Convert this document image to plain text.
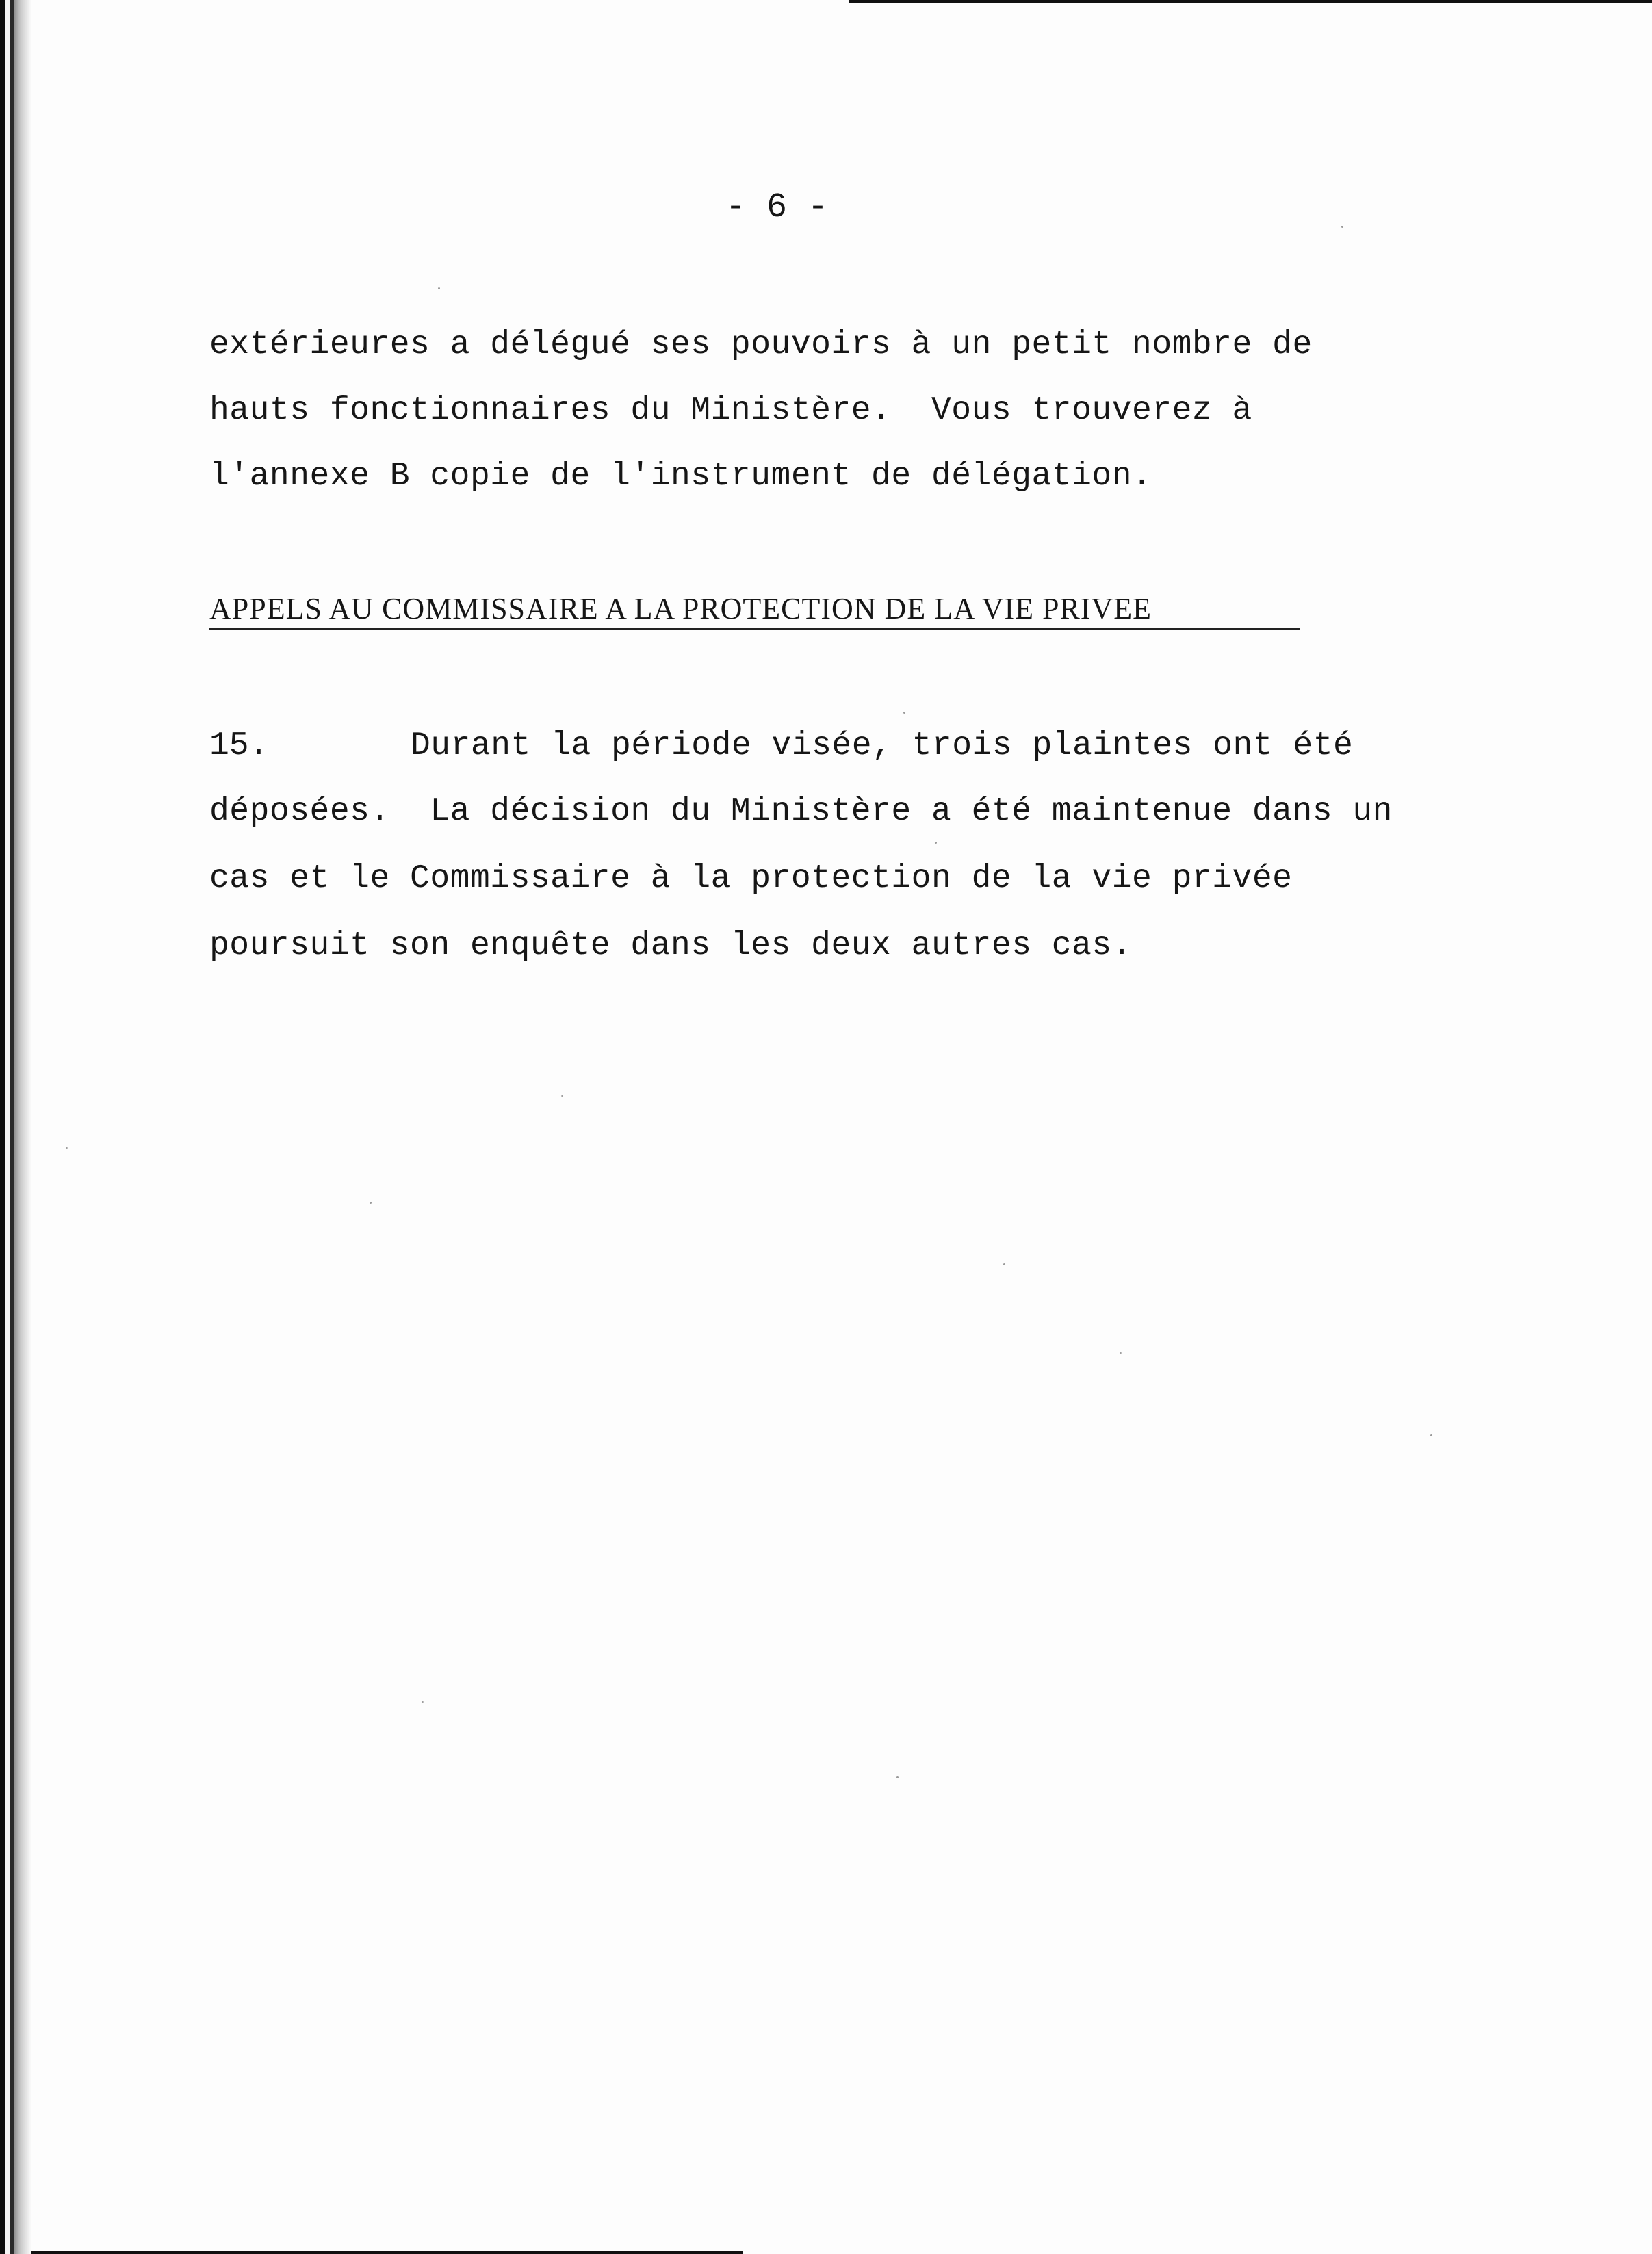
- 6 -
extérieures a délégué ses pouvoirs à un petit nombre de
hauts fonctionnaires du Ministère.  Vous trouverez à
l'annexe B copie de l'instrument de délégation.
APPELS AU COMMISSAIRE A LA PROTECTION DE LA VIE PRIVEE
15.	Durant la période visée, trois plaintes ont été
déposées.  La décision du Ministère a été maintenue dans un
cas et le Commissaire à la protection de la vie privée
poursuit son enquête dans les deux autres cas.
